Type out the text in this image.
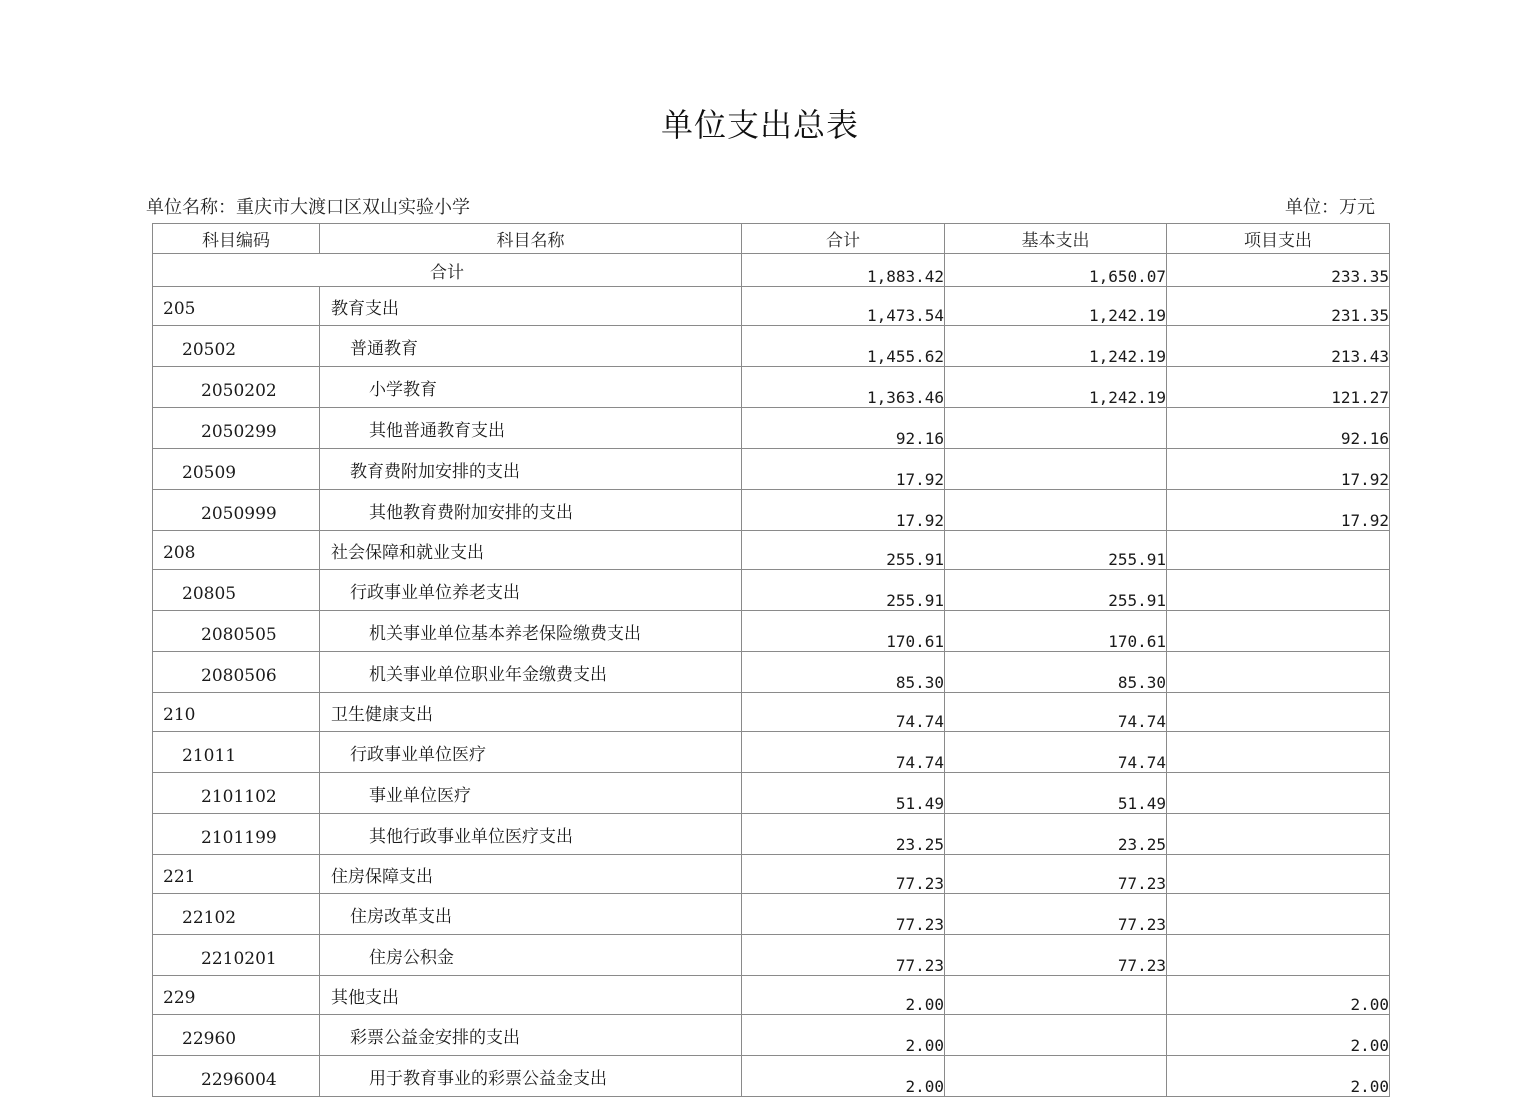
单位支出总表
单位名称：重庆市大渡口区双山实验小学	单位：万元
科目编码	科目名称	合计	基本支出	项目支出
合计		1,883.42	1,650.07	233.35
205	教育支出	1,473.54	1,242.19	231.35
20502	普通教育	1,455.62	1,242.19	213.43
2050202	小学教育	1,363.46	1,242.19	121.27
2050299	其他普通教育支出	92.16		92.16
20509	教育费附加安排的支出	17.92		17.92
2050999	其他教育费附加安排的支出	17.92		17.92
208	社会保障和就业支出	255.91	255.91	
20805	行政事业单位养老支出	255.91	255.91	
2080505	机关事业单位基本养老保险缴费支出	170.61	170.61	
2080506	机关事业单位职业年金缴费支出	85.30	85.30	
210	卫生健康支出	74.74	74.74	
21011	行政事业单位医疗	74.74	74.74	
2101102	事业单位医疗	51.49	51.49	
2101199	其他行政事业单位医疗支出	23.25	23.25	
221	住房保障支出	77.23	77.23	
22102	住房改革支出	77.23	77.23	
2210201	住房公积金	77.23	77.23	
229	其他支出	2.00		2.00
22960	彩票公益金安排的支出	2.00		2.00
2296004	用于教育事业的彩票公益金支出	2.00		2.00
